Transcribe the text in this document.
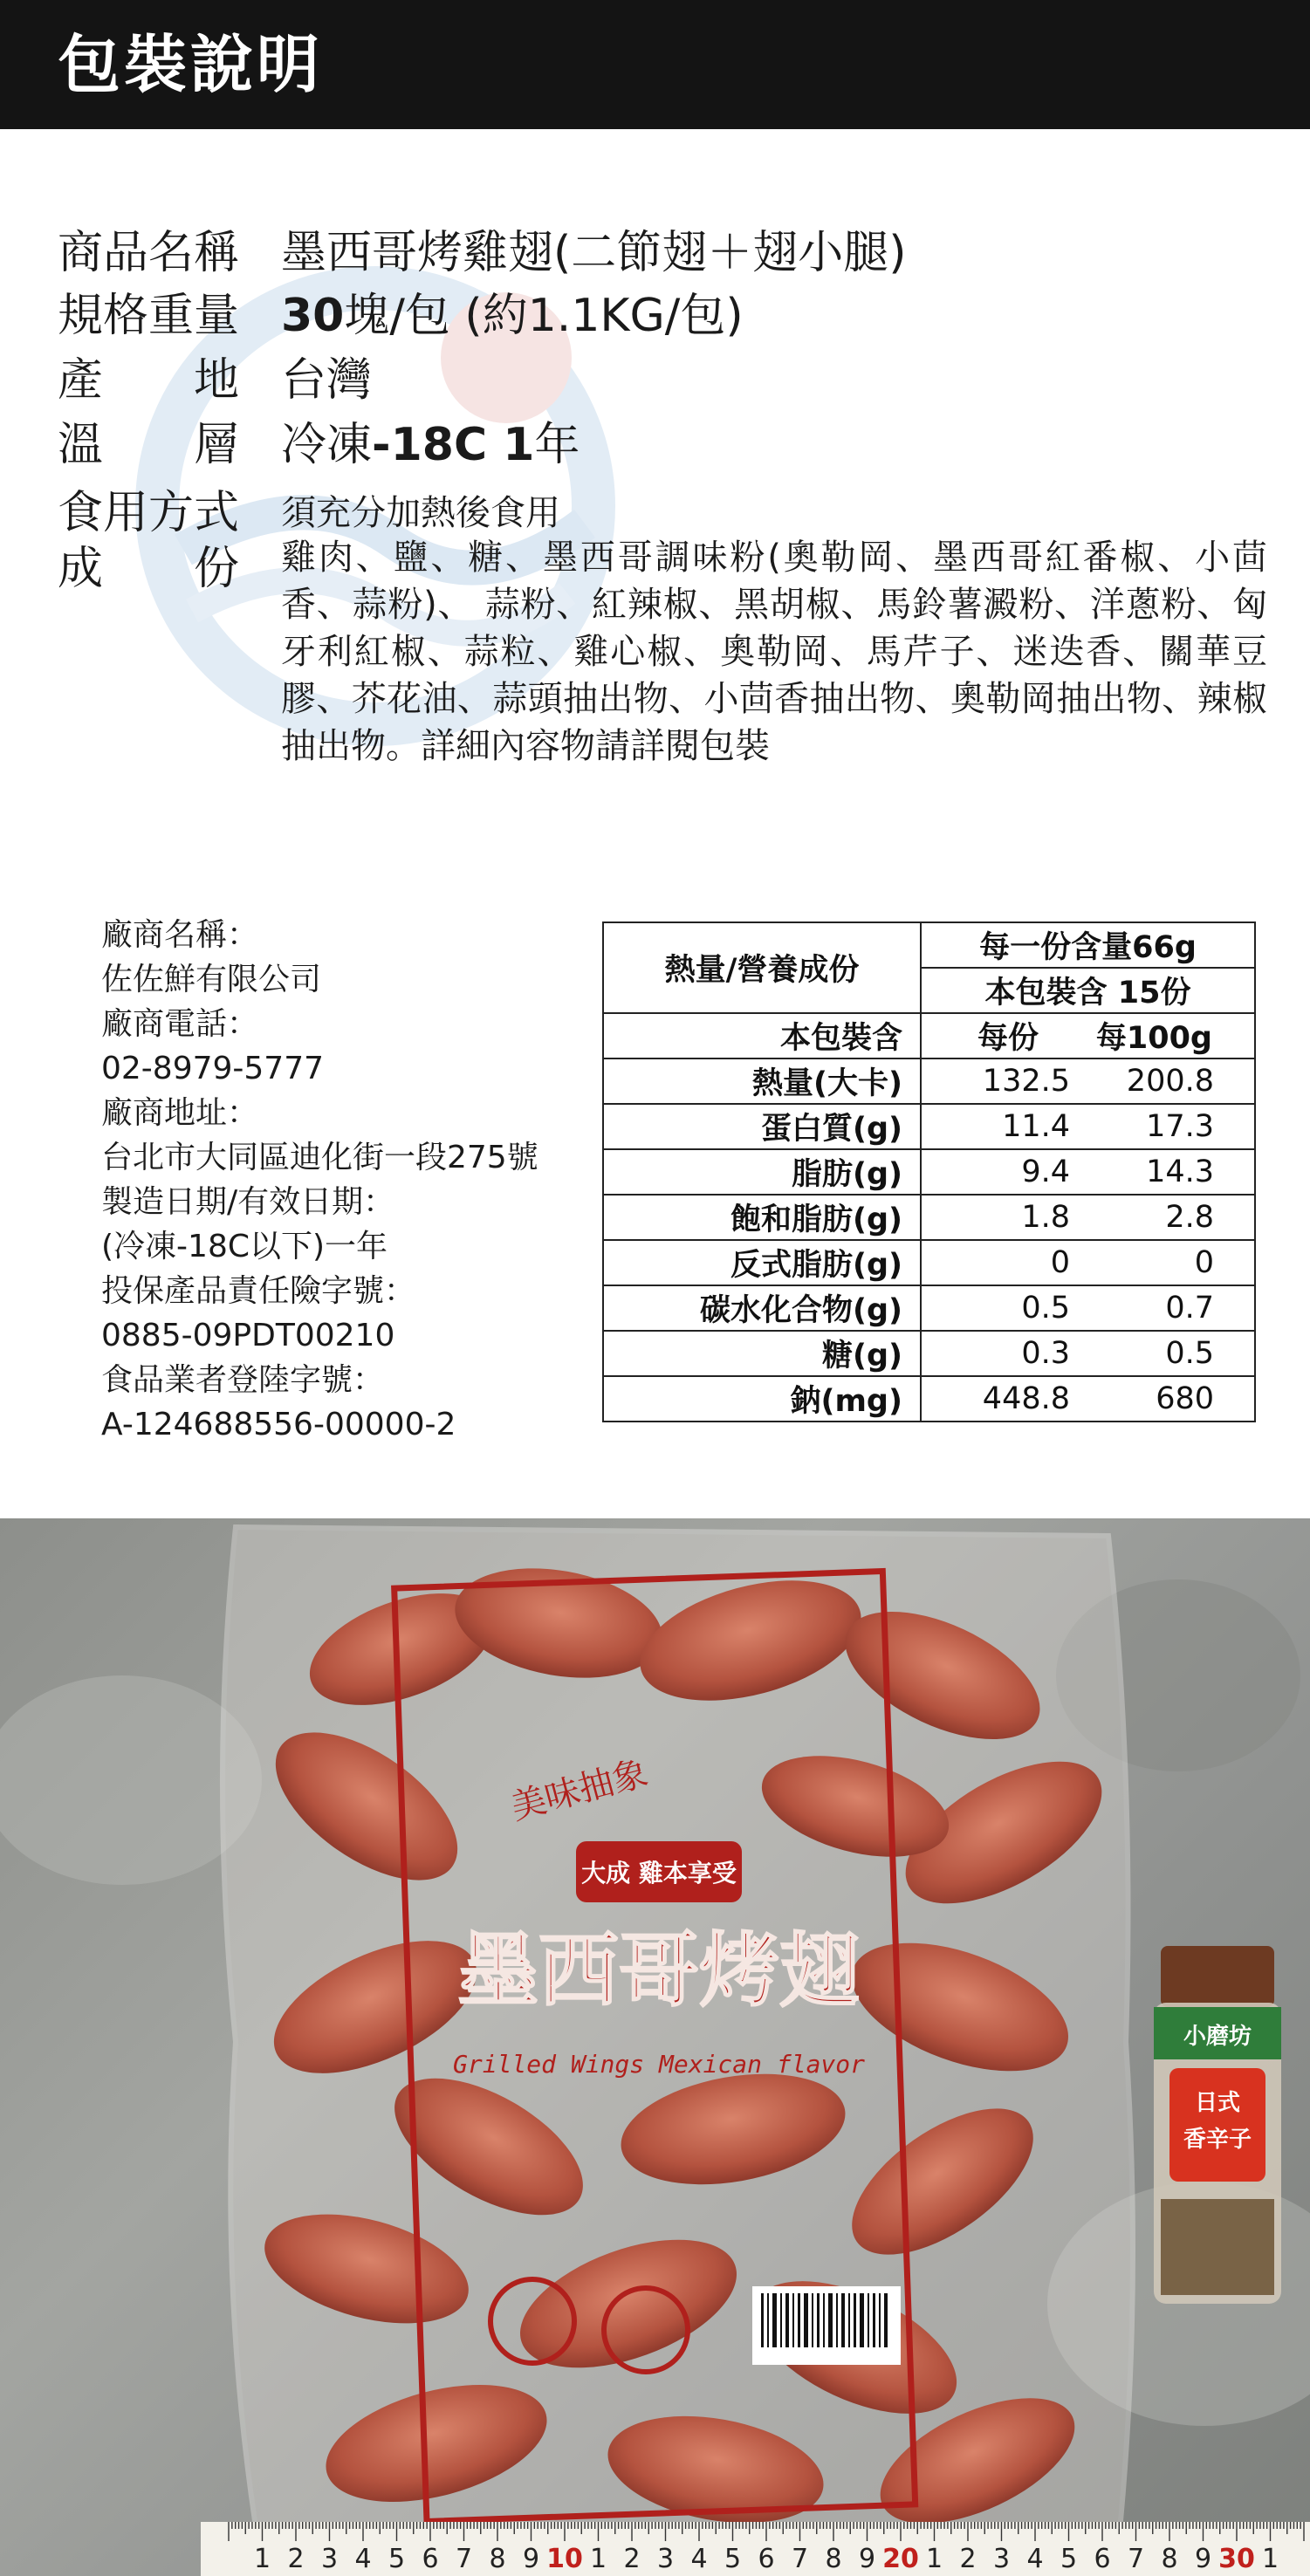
包裝說明
商品名稱 墨西哥烤雞翅(二節翅＋翅小腿)
規格重量 30塊/包 (約1.1KG/包)
產　　地 台灣
溫　　層 冷凍-18C 1年
食用方式	須充分加熱後食用
成　　份	雞肉、鹽、糖、墨西哥調味粉(奧勒岡、墨西哥紅番椒、小茴香、蒜粉)、 蒜粉、紅辣椒、黑胡椒、馬鈴薯澱粉、洋蔥粉、匈牙利紅椒、蒜粒、雞心椒、奧勒岡、馬芹子、迷迭香、關華豆膠、芥花油、蒜頭抽出物、小茴香抽出物、奧勒岡抽出物、辣椒抽出物。詳細內容物請詳閱包裝
廠商名稱：
佐佐鮮有限公司
廠商電話：
02-8979-5777
廠商地址：
台北市大同區迪化街一段275號
製造日期/有效日期：
(冷凍-18C以下)一年
投保產品責任險字號：
0885-09PDT00210
食品業者登陸字號：
A-124688556-00000-2
熱量/營養成份	每一份含量66g
	本包裝含 15份
本包裝含	每份 每100g

熱量(大卡)	132.5 200.8

蛋白質(g)	11.4 17.3

脂肪(g)	9.4 14.3

飽和脂肪(g)	1.8 2.8

反式脂肪(g)	0 0

碳水化合物(g)	0.5 0.7

糖(g)	0.3 0.5

鈉(mg)	448.8 680
大成 雞本享受
美味抽象
墨西哥烤翅
Grilled Wings Mexican flavor
小磨坊
日式
香辛子
1 2 3 4 5 6 7 8 9 10 1 2 3 4 5 6 7 8 9 20 1 2 3 4 5 6 7 8 9 30 1
